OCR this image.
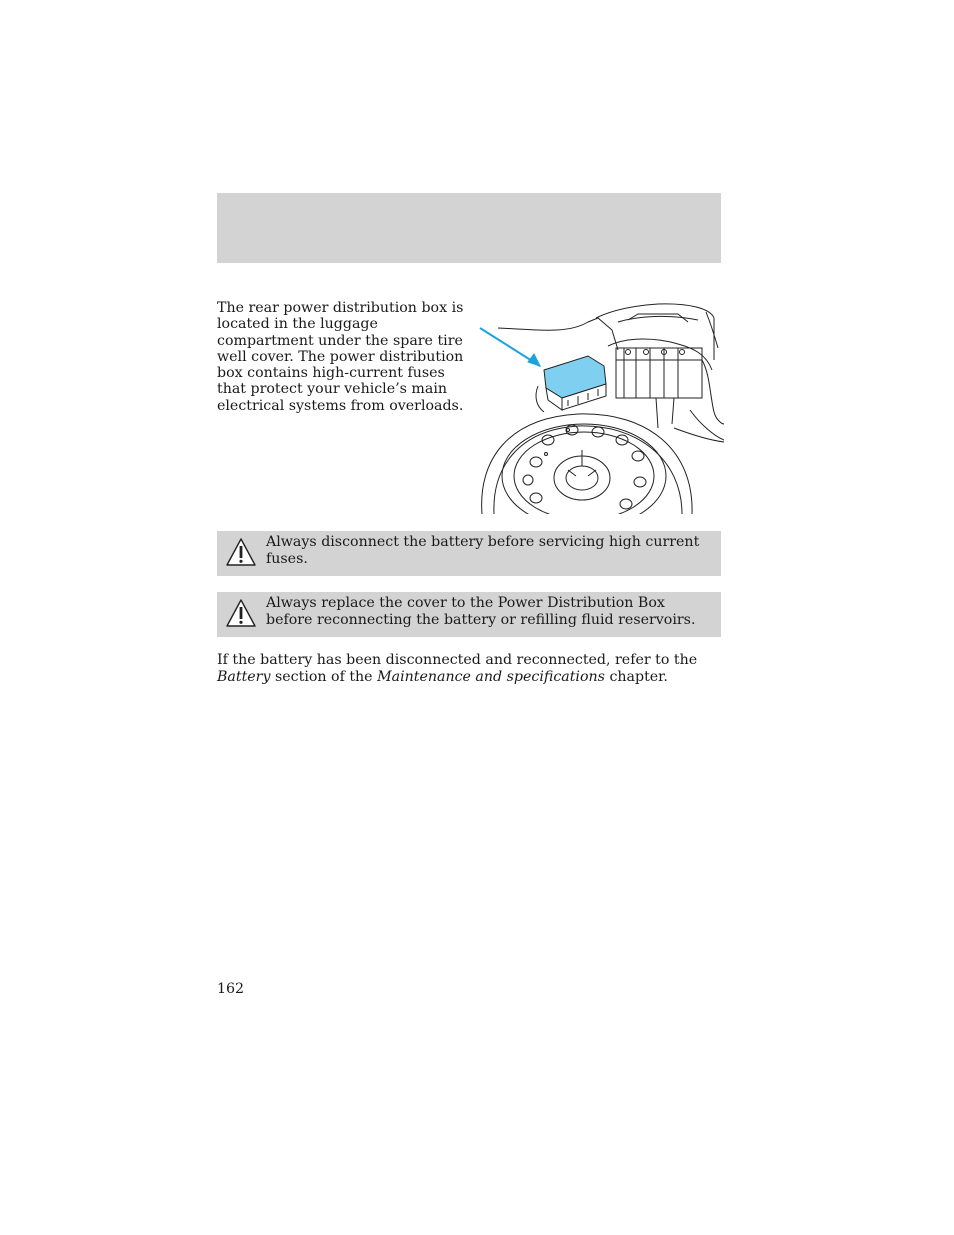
The rear power distribution box is located in the luggage compartment under the spare tire well cover. The power distribution box contains high-current fuses that protect your vehicle’s main electrical systems from overloads.

Always disconnect the battery before servicing high current fuses.

Always replace the cover to the Power Distribution Box before reconnecting the battery or refilling fluid reservoirs.

If the battery has been disconnected and reconnected, refer to the Battery section of the Maintenance and specifications chapter.

162
